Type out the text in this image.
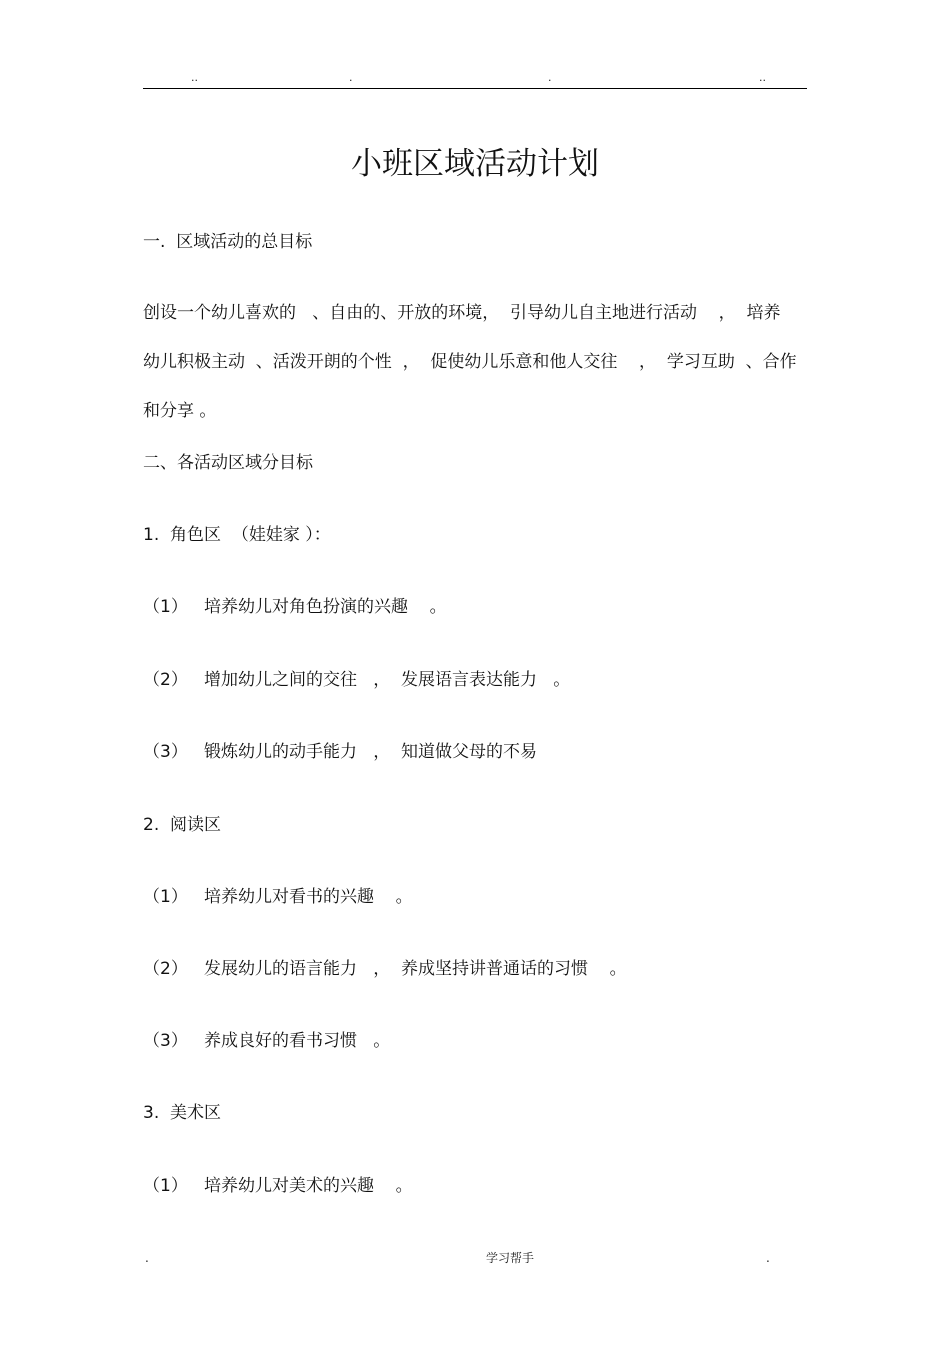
..	.	.	..
小班区域活动计划
一.  区域活动的总目标
创设一个幼儿喜欢的   、自由的、开放的环境，  引导幼儿自主地进行活动    ，  培养
幼儿积极主动  、活泼开朗的个性  ，  促使幼儿乐意和他人交往    ，  学习互助  、合作
和分享 。
二、各活动区域分目标
1.  角色区  （娃娃家 ）：
（1）   培养幼儿对角色扮演的兴趣    。
（2）   增加幼儿之间的交往   ，  发展语言表达能力   。
（3）   锻炼幼儿的动手能力   ，  知道做父母的不易
2.  阅读区
（1）   培养幼儿对看书的兴趣    。
（2）   发展幼儿的语言能力   ，  养成坚持讲普通话的习惯    。
（3）   养成良好的看书习惯   。
3.  美术区
（1）   培养幼儿对美术的兴趣    。
.	学习帮手	.
